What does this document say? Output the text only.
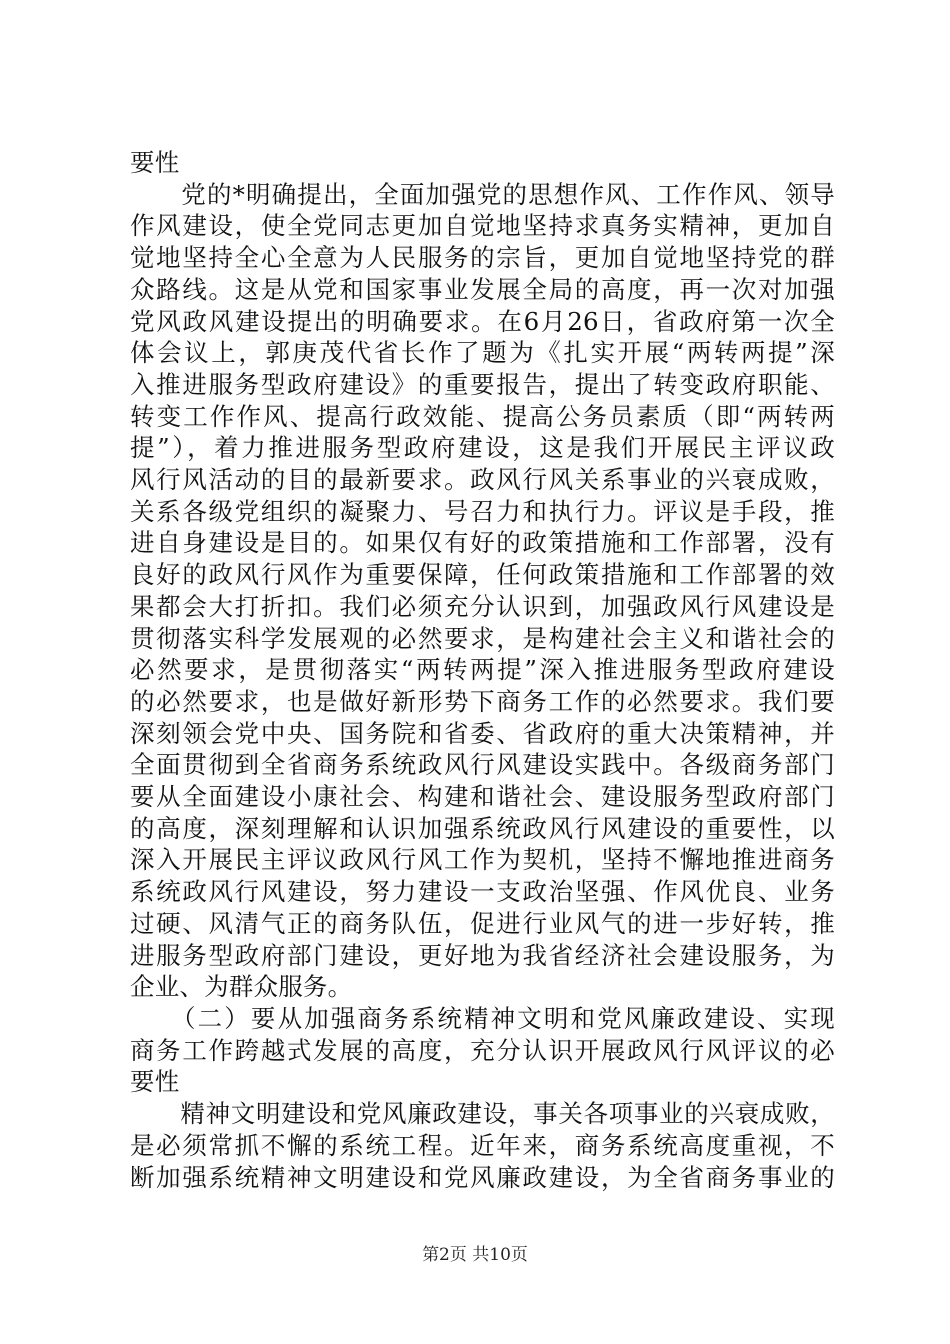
要性
　　党的*明确提出，全面加强党的思想作风、工作作风、领导
作风建设，使全党同志更加自觉地坚持求真务实精神，更加自
觉地坚持全心全意为人民服务的宗旨，更加自觉地坚持党的群
众路线。这是从党和国家事业发展全局的高度，再一次对加强
党风政风建设提出的明确要求。在6月26日，省政府第一次全
体会议上，郭庚茂代省长作了题为《扎实开展“两转两提”深
入推进服务型政府建设》的重要报告，提出了转变政府职能、
转变工作作风、提高行政效能、提高公务员素质（即“两转两
提”），着力推进服务型政府建设，这是我们开展民主评议政
风行风活动的目的最新要求。政风行风关系事业的兴衰成败，
关系各级党组织的凝聚力、号召力和执行力。评议是手段，推
进自身建设是目的。如果仅有好的政策措施和工作部署，没有
良好的政风行风作为重要保障，任何政策措施和工作部署的效
果都会大打折扣。我们必须充分认识到，加强政风行风建设是
贯彻落实科学发展观的必然要求，是构建社会主义和谐社会的
必然要求，是贯彻落实“两转两提”深入推进服务型政府建设
的必然要求，也是做好新形势下商务工作的必然要求。我们要
深刻领会党中央、国务院和省委、省政府的重大决策精神，并
全面贯彻到全省商务系统政风行风建设实践中。各级商务部门
要从全面建设小康社会、构建和谐社会、建设服务型政府部门
的高度，深刻理解和认识加强系统政风行风建设的重要性，以
深入开展民主评议政风行风工作为契机，坚持不懈地推进商务
系统政风行风建设，努力建设一支政治坚强、作风优良、业务
过硬、风清气正的商务队伍，促进行业风气的进一步好转，推
进服务型政府部门建设，更好地为我省经济社会建设服务，为
企业、为群众服务。
　　（二）要从加强商务系统精神文明和党风廉政建设、实现
商务工作跨越式发展的高度，充分认识开展政风行风评议的必
要性
　　精神文明建设和党风廉政建设，事关各项事业的兴衰成败，
是必须常抓不懈的系统工程。近年来，商务系统高度重视，不
断加强系统精神文明建设和党风廉政建设，为全省商务事业的
第2页 共10页
